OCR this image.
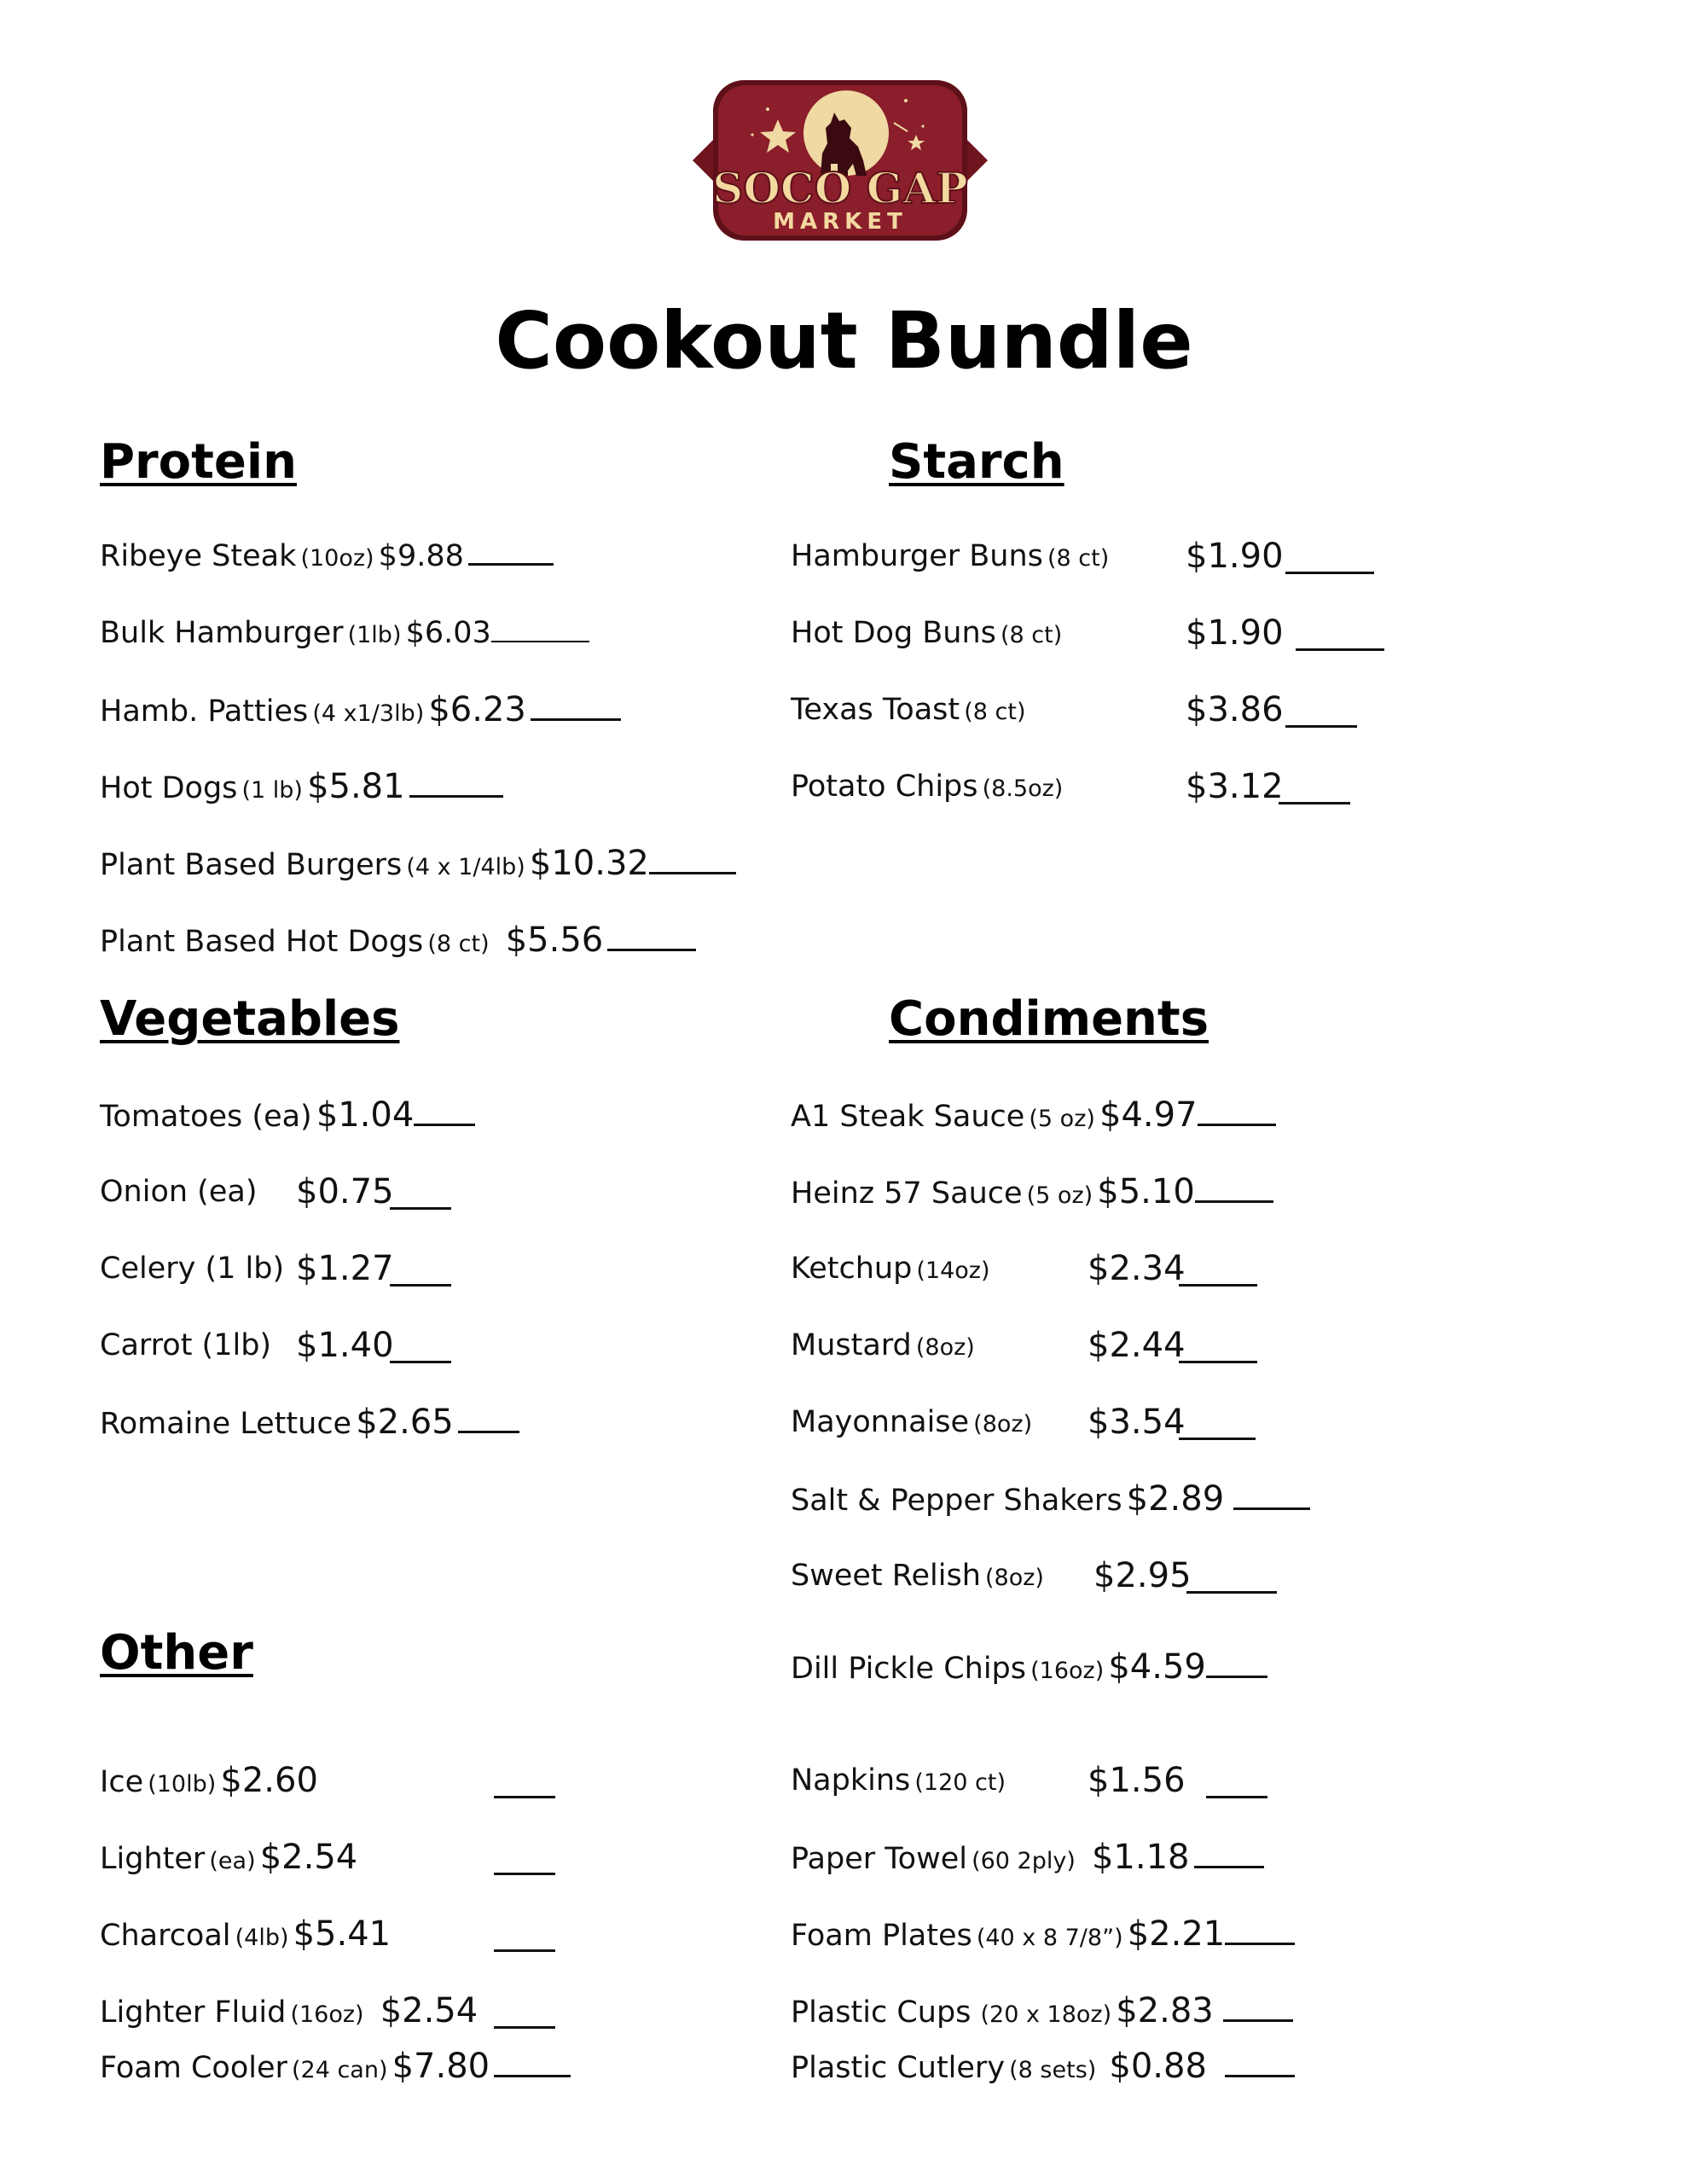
SOCO GAP
MARKET
Cookout Bundle
Protein	Starch
Vegetables	Condiments
Other
Ribeye Steak (10oz) $9.88
Bulk Hamburger (1lb) $6.03
Hamb. Patties (4 x1/3lb) $6.23
Hot Dogs (1 lb) $5.81
Plant Based Burgers (4 x 1/4lb) $10.32
Plant Based Hot Dogs (8 ct) $5.56
Hamburger Buns (8 ct) $1.90
Hot Dog Buns (8 ct)	$1.90
Texas Toast (8 ct)	$3.86
Potato Chips (8.5oz)	$3.12
Tomatoes (ea) $1.04
Onion (ea) $0.75
Celery (1 lb) $1.27
Carrot (1lb) $1.40
Romaine Lettuce $2.65
A1 Steak Sauce (5 oz) $4.97
Heinz 57 Sauce (5 oz) $5.10
Ketchup (14oz)	$2.34
Mustard (8oz)	$2.44
Mayonnaise (8oz) $3.54
Salt & Pepper Shakers $2.89
Sweet Relish (8oz) $2.95
Dill Pickle Chips (16oz) $4.59
Napkins (120 ct) $1.56
Paper Towel (60 2ply) $1.18
Foam Plates (40 x 8 7/8”) $2.21
Plastic Cups (20 x 18oz) $2.83
Plastic Cutlery (8 sets) $0.88
Ice (10lb) $2.60
Lighter (ea) $2.54
Charcoal (4lb) $5.41
Lighter Fluid (16oz) $2.54
Foam Cooler (24 can) $7.80
